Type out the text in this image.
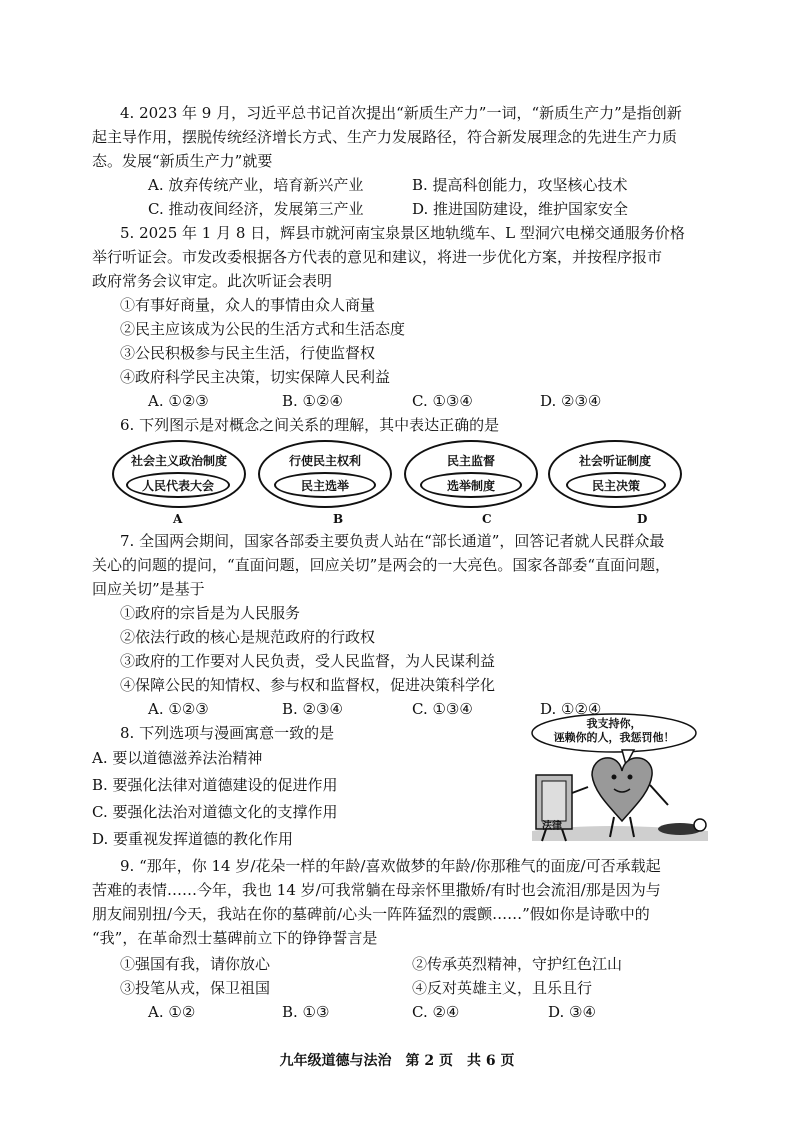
4. 2023 年 9 月，习近平总书记首次提出“新质生产力”一词，“新质生产力”是指创新
起主导作用，摆脱传统经济增长方式、生产力发展路径，符合新发展理念的先进生产力质
态。发展“新质生产力”就要
A. 放弃传统产业，培育新兴产业	B. 提高科创能力，攻坚核心技术
C. 推动夜间经济，发展第三产业	D. 推进国防建设，维护国家安全
5. 2025 年 1 月 8 日，辉县市就河南宝泉景区地轨缆车、L 型洞穴电梯交通服务价格
举行听证会。市发改委根据各方代表的意见和建议，将进一步优化方案，并按程序报市
政府常务会议审定。此次听证会表明
①有事好商量，众人的事情由众人商量
②民主应该成为公民的生活方式和生活态度
③公民积极参与民主生活，行使监督权
④政府科学民主决策，切实保障人民利益
A. ①②③	B. ①②④	C. ①③④	D. ②③④
6. 下列图示是对概念之间关系的理解，其中表达正确的是
社会主义政治制度
人民代表大会
A
行使民主权利
民主选举
B
民主监督
选举制度
C
社会听证制度
民主决策
D
7. 全国两会期间，国家各部委主要负责人站在“部长通道”，回答记者就人民群众最
关心的问题的提问，“直面问题，回应关切”是两会的一大亮色。国家各部委“直面问题，
回应关切”是基于
①政府的宗旨是为人民服务
②依法行政的核心是规范政府的行政权
③政府的工作要对人民负责，受人民监督，为人民谋利益
④保障公民的知情权、参与权和监督权，促进决策科学化
A. ①②③	B. ②③④	C. ①③④	D. ①②④
8. 下列选项与漫画寓意一致的是
A. 要以道德滋养法治精神
B. 要强化法律对道德建设的促进作用
C. 要强化法治对道德文化的支撑作用
D. 要重视发挥道德的教化作用
我支持你，
诬赖你的人，我惩罚他！
法律
9. “那年，你 14 岁/花朵一样的年龄/喜欢做梦的年龄/你那稚气的面庞/可否承载起
苦难的表情……今年，我也 14 岁/可我常躺在母亲怀里撒娇/有时也会流泪/那是因为与
朋友闹别扭/今天，我站在你的墓碑前/心头一阵阵猛烈的震颤……”假如你是诗歌中的
“我”，在革命烈士墓碑前立下的铮铮誓言是
①强国有我，请你放心	②传承英烈精神，守护红色江山
③投笔从戎，保卫祖国	④反对英雄主义，且乐且行
A. ①②	B. ①③	C. ②④	D. ③④
九年级道德与法治　第 2 页　共 6 页
